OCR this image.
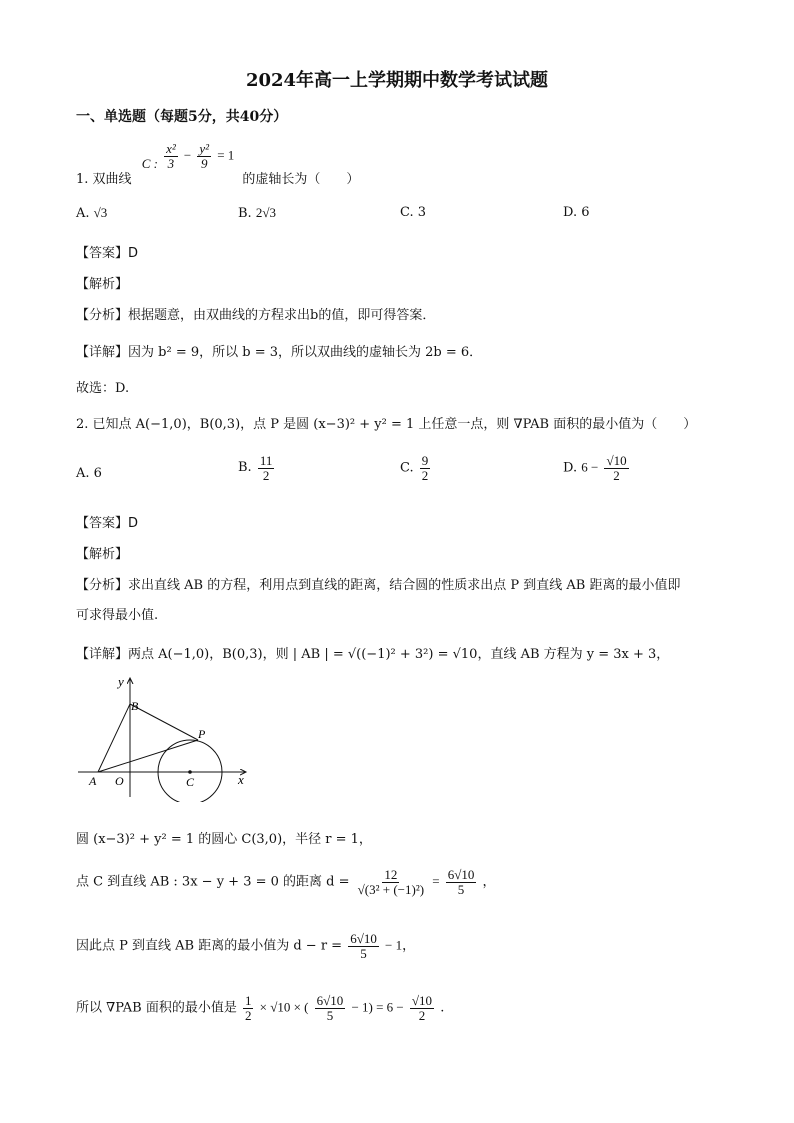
2024年高一上学期期中数学考试试题
一、单选题（每题5分，共40分）
1. 双曲线 C : $\frac{\text{x²}}{3} - \frac{\text{y²}}{9} = 1$ 的虚轴长为（　　）
A. √3	B. 2√3	C. 3	D. 6
【答案】D
【解析】
【分析】根据题意，由双曲线的方程求出b的值，即可得答案．
【详解】因为 b² = 9，所以 b = 3，所以双曲线的虚轴长为 2b = 6．
故选：D.
2. 已知点 A(−1,0)，B(0,3)，点 P 是圆 (x−3)² + y² = 1 上任意一点，则 ∇PAB 面积的最小值为（　　）
A. 6	B. $\frac{11}{2}$	C. $\frac{9}{2}$	D. $6 - \frac{√10}{2}$
【答案】D
【解析】
【分析】求出直线 AB 的方程，利用点到直线的距离，结合圆的性质求出点 P 到直线 AB 距离的最小值即
可求得最小值.
【详解】两点 A(−1,0)，B(0,3)，则 | AB | = √((−1)² + 3²) = √10，直线 AB 方程为 y = 3x + 3，
y
x
B
P
A O	C
圆 (x−3)² + y² = 1 的圆心 C(3,0)，半径 r = 1，
点 C 到直线 AB : 3x − y + 3 = 0 的距离 $d = \frac{12}{\text{√(3² + (−1)²)}} = \frac{6√10}{5}$ ，
因此点 P 到直线 AB 距离的最小值为 $d - r = \frac{6√10}{5} - 1$，
所以 ∇PAB 面积的最小值是 $\frac{1}{2} \times √10$ × ( $\frac{6√10}{5} - 1) = 6 - \frac{√10}{2}$ .
